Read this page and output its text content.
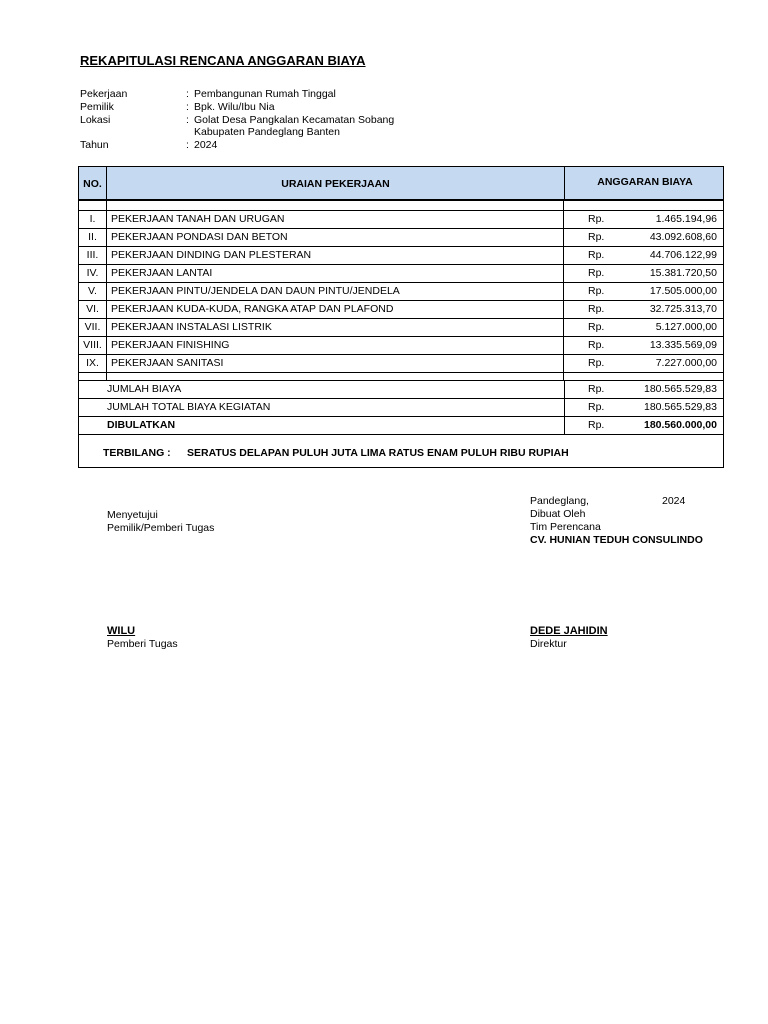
REKAPITULASI RENCANA ANGGARAN BIAYA
Pekerjaan	: Pembangunan Rumah Tinggal
Pemilik	: Bpk. Wilu/Ibu Nia
Lokasi	: Golat Desa Pangkalan Kecamatan Sobang
Kabupaten Pandeglang Banten
Tahun	: 2024
NO.	URAIAN PEKERJAAN	ANGGARAN BIAYA
I.	PEKERJAAN TANAH DAN URUGAN	Rp.	1.465.194,96
II.	PEKERJAAN PONDASI DAN BETON	Rp.	43.092.608,60
III.	PEKERJAAN DINDING DAN PLESTERAN	Rp.	44.706.122,99
IV.	PEKERJAAN LANTAI	Rp.	15.381.720,50
V.	PEKERJAAN PINTU/JENDELA DAN DAUN PINTU/JENDELA	Rp.	17.505.000,00
VI.	PEKERJAAN KUDA-KUDA, RANGKA ATAP DAN PLAFOND	Rp.	32.725.313,70
VII.	PEKERJAAN INSTALASI LISTRIK	Rp.	5.127.000,00
VIII. PEKERJAAN FINISHING	Rp.	13.335.569,09
IX.	PEKERJAAN SANITASI	Rp.	7.227.000,00
JUMLAH BIAYA	Rp.	180.565.529,83
JUMLAH TOTAL BIAYA KEGIATAN	Rp.	180.565.529,83
DIBULATKAN	Rp.	180.560.000,00
TERBILANG : SERATUS DELAPAN PULUH JUTA LIMA RATUS ENAM PULUH RIBU RUPIAH
Menyetujui
Pemilik/Pemberi Tugas
WILU
Pemberi Tugas
Pandeglang,	2024
Dibuat Oleh
Tim Perencana
CV. HUNIAN TEDUH CONSULINDO
DEDE JAHIDIN
Direktur
